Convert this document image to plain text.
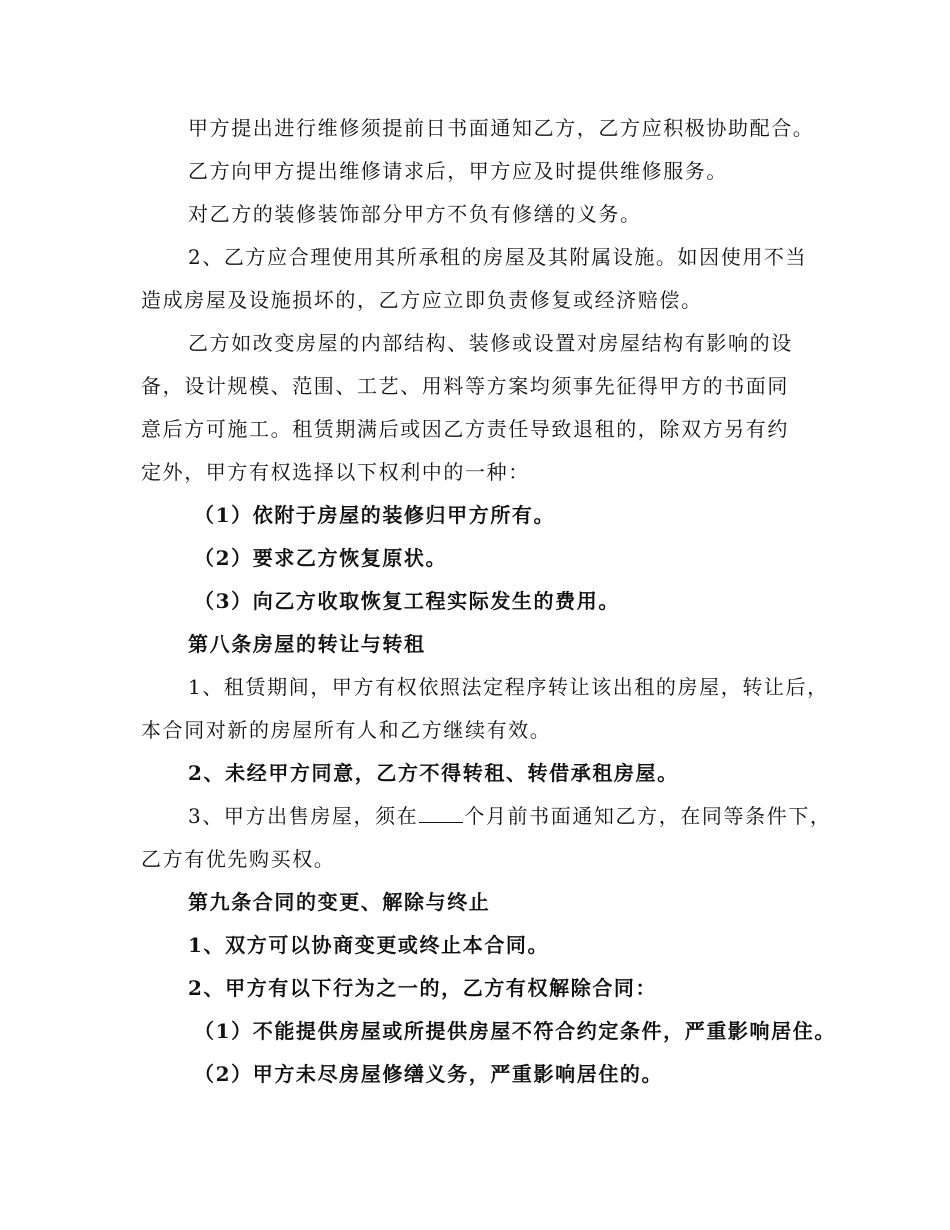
甲方提出进行维修须提前日书面通知乙方，乙方应积极协助配合。
乙方向甲方提出维修请求后，甲方应及时提供维修服务。
对乙方的装修装饰部分甲方不负有修缮的义务。
2、乙方应合理使用其所承租的房屋及其附属设施。如因使用不当
造成房屋及设施损坏的，乙方应立即负责修复或经济赔偿。
乙方如改变房屋的内部结构、装修或设置对房屋结构有影响的设
备，设计规模、范围、工艺、用料等方案均须事先征得甲方的书面同
意后方可施工。租赁期满后或因乙方责任导致退租的，除双方另有约
定外，甲方有权选择以下权利中的一种：
（1）依附于房屋的装修归甲方所有。
（2）要求乙方恢复原状。
（3）向乙方收取恢复工程实际发生的费用。
第八条房屋的转让与转租
1、租赁期间，甲方有权依照法定程序转让该出租的房屋，转让后，
本合同对新的房屋所有人和乙方继续有效。
2、未经甲方同意，乙方不得转租、转借承租房屋。
3、甲方出售房屋，须在 个月前书面通知乙方，在同等条件下，
乙方有优先购买权。
第九条合同的变更、解除与终止
1、双方可以协商变更或终止本合同。
2、甲方有以下行为之一的，乙方有权解除合同：
（1）不能提供房屋或所提供房屋不符合约定条件，严重影响居住。
（2）甲方未尽房屋修缮义务，严重影响居住的。
